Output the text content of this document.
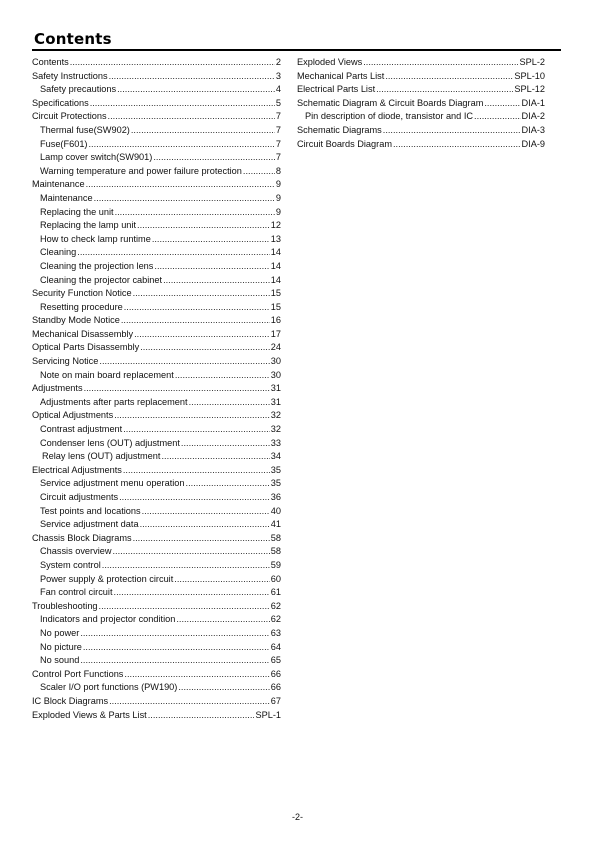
Contents
Contents .....	2
Safety Instructions .....	3
Safety precautions .....	4
Specifications .....	5
Circuit Protections .....	7
Thermal fuse(SW902) .....	7
Fuse(F601) .....	7
Lamp cover switch(SW901) .....	7
Warning temperature and power failure protection .....	8
Maintenance .....	9
Maintenance .....	9
Replacing the unit .....	9
Replacing the lamp unit .....	12
How to check lamp runtime .....	13
Cleaning .....	14
Cleaning the projection lens .....	14
Cleaning the projector cabinet .....	14
Security Function Notice .....	15
Resetting procedure .....	15
Standby Mode Notice .....	16
Mechanical Disassembly .....	17
Optical Parts Disassembly .....	24
Servicing Notice .....	30
Note on main board replacement .....	30
Adjustments .....	31
Adjustments after parts replacement .....	31
Optical Adjustments .....	32
Contrast adjustment .....	32
Condenser lens (OUT) adjustment .....	33
Relay lens (OUT) adjustment .....	34
Electrical Adjustments .....	35
Service adjustment menu operation .....	35
Circuit adjustments .....	36
Test points and locations .....	40
Service adjustment data .....	41
Chassis Block Diagrams .....	58
Chassis overview .....	58
System control .....	59
Power supply & protection circuit .....	60
Fan control circuit .....	61
Troubleshooting .....	62
Indicators and projector condition .....	62
No power .....	63
No picture .....	64
No sound .....	65
Control Port Functions .....	66
Scaler I/O port functions (PW190) .....	66
IC Block Diagrams .....	67
Exploded Views & Parts List .....	SPL-1
Exploded Views .....	SPL-2
Mechanical Parts List .....	SPL-10
Electrical Parts List .....	SPL-12
Schematic Diagram & Circuit Boards Diagram .....	DIA-1
Pin description of diode, transistor and IC .....	DIA-2
Schematic Diagrams .....	DIA-3
Circuit Boards Diagram .....	DIA-9
-2-
